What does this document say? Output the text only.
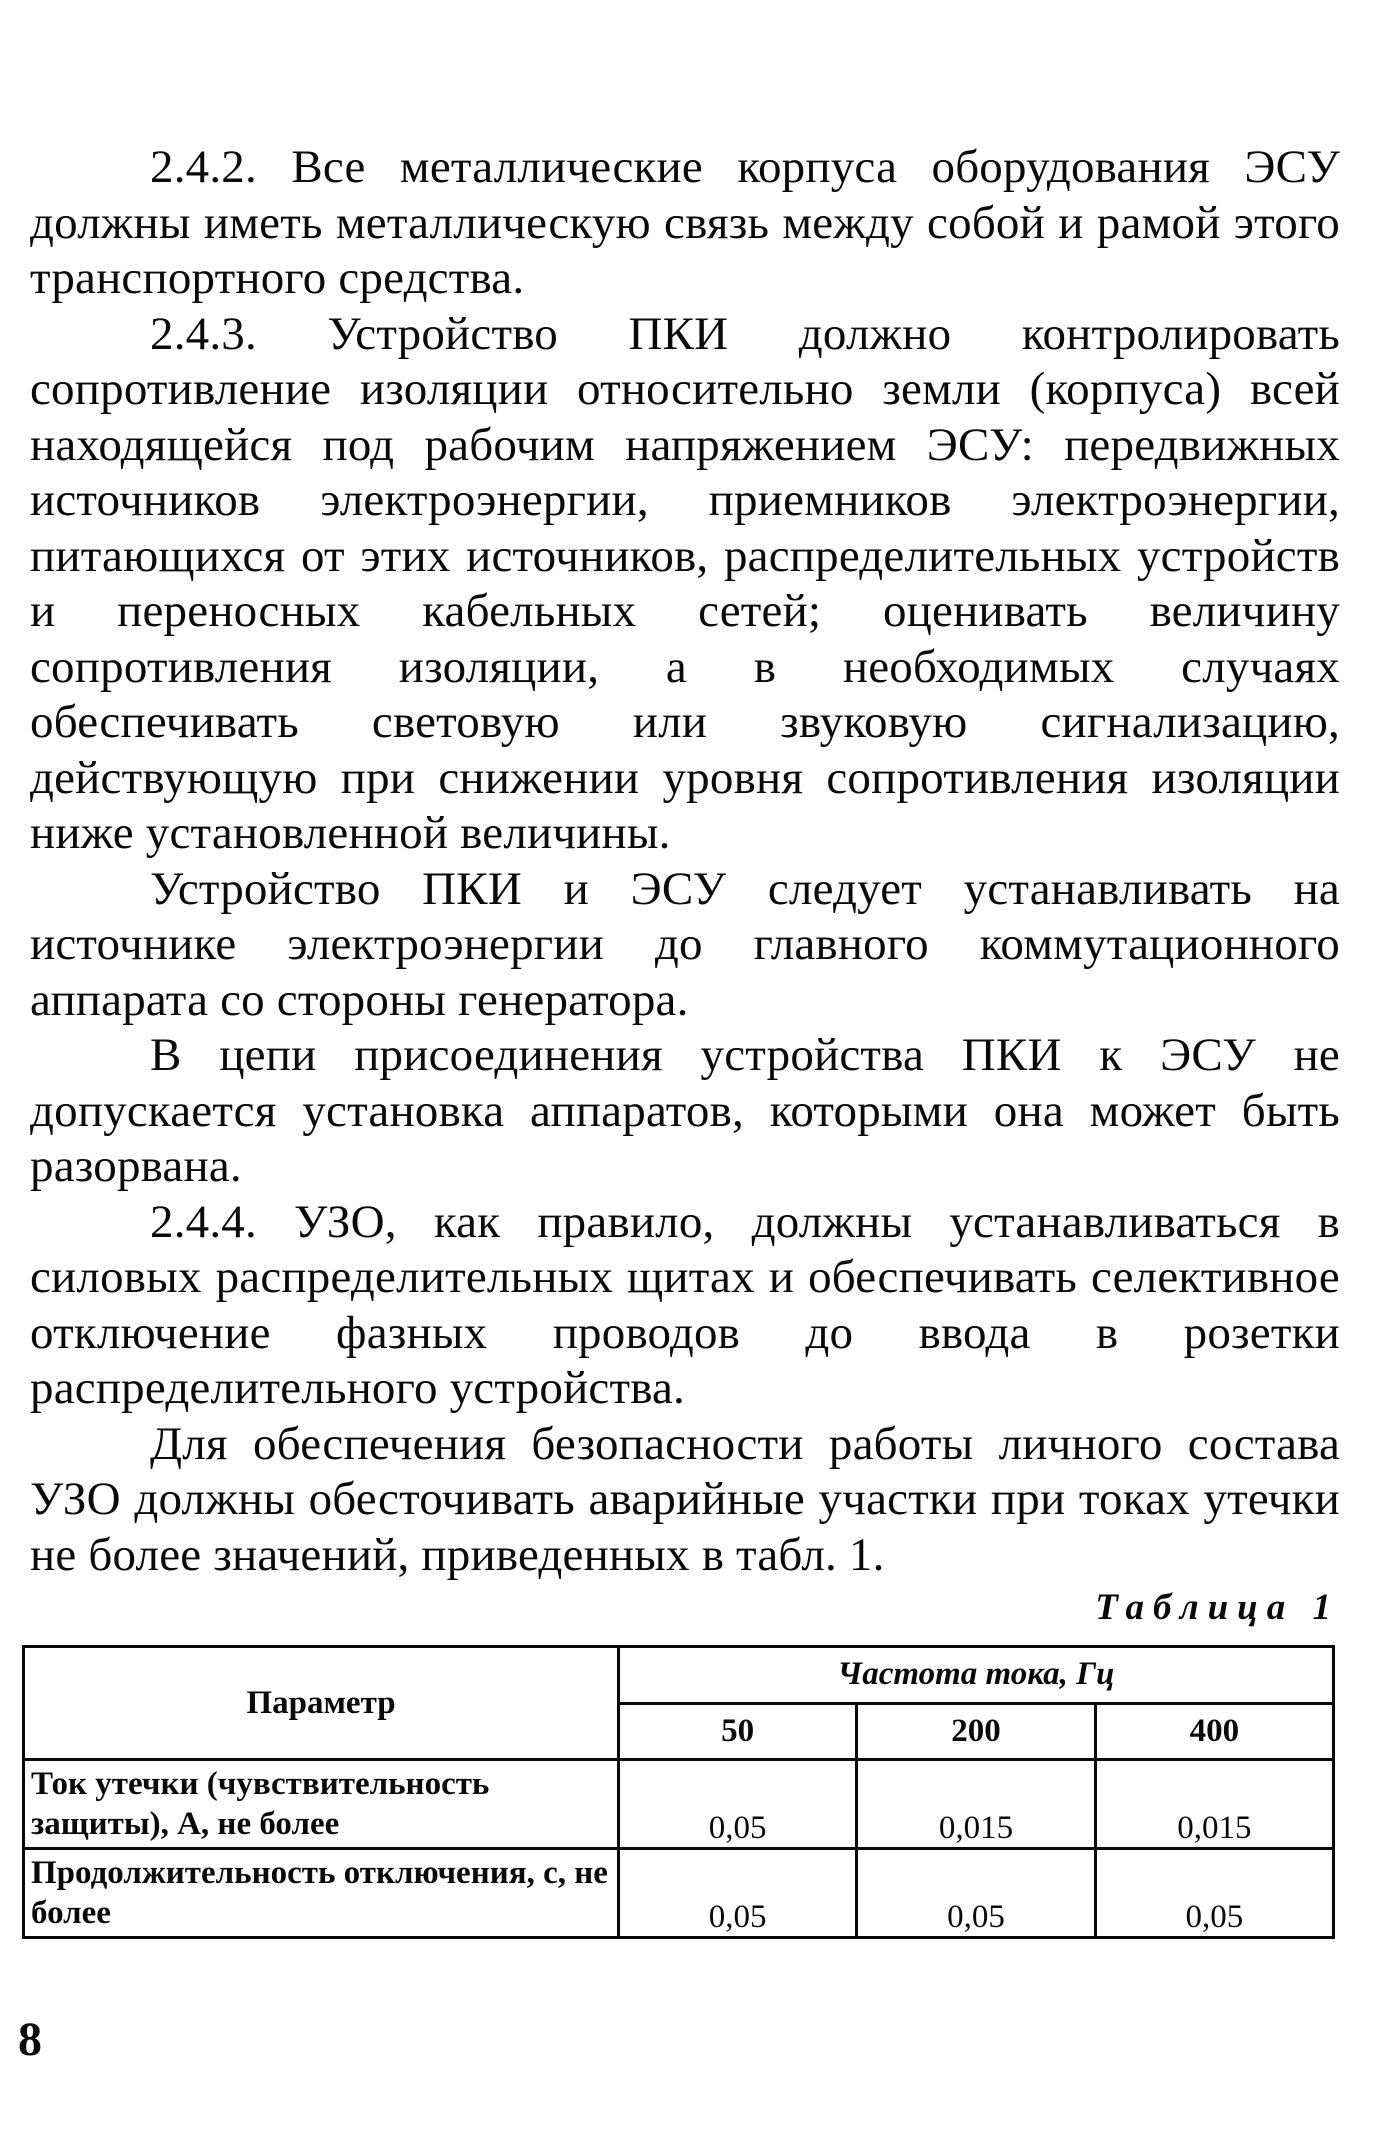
2.4.2. Все металлические корпуса оборудования ЭСУ должны иметь металлическую связь между собой и рамой этого транспортного средства.

2.4.3. Устройство ПКИ должно контролировать сопротивление изоляции относительно земли (корпуса) всей находящейся под рабочим напряжением ЭСУ: передвижных источников электроэнергии, приемников электроэнергии, питающихся от этих источников, распределительных устройств и переносных кабельных сетей; оценивать величину сопротивления изоляции, а в необходимых случаях обеспечивать световую или звуковую сигнализацию, действующую при снижении уровня сопротивления изоляции ниже установленной величины.

Устройство ПКИ и ЭСУ следует устанавливать на источнике электроэнергии до главного коммутационного аппарата со стороны генератора.

В цепи присоединения устройства ПКИ к ЭСУ не допускается установка аппаратов, которыми она может быть разорвана.

2.4.4. УЗО, как правило, должны устанавливаться в силовых распределительных щитах и обеспечивать селективное отключение фазных проводов до ввода в розетки распределительного устройства.

Для обеспечения безопасности работы личного состава УЗО должны обесточивать аварийные участки при токах утечки не более значений, приведенных в табл. 1.

Таблица 1
Параметр	Частота тока, Гц		
	50	200	400
Ток утечки (чувствительность защиты), А, не более	0,05	0,015	0,015
Продолжительность отключения, с, не более	0,05	0,05	0,05
8
